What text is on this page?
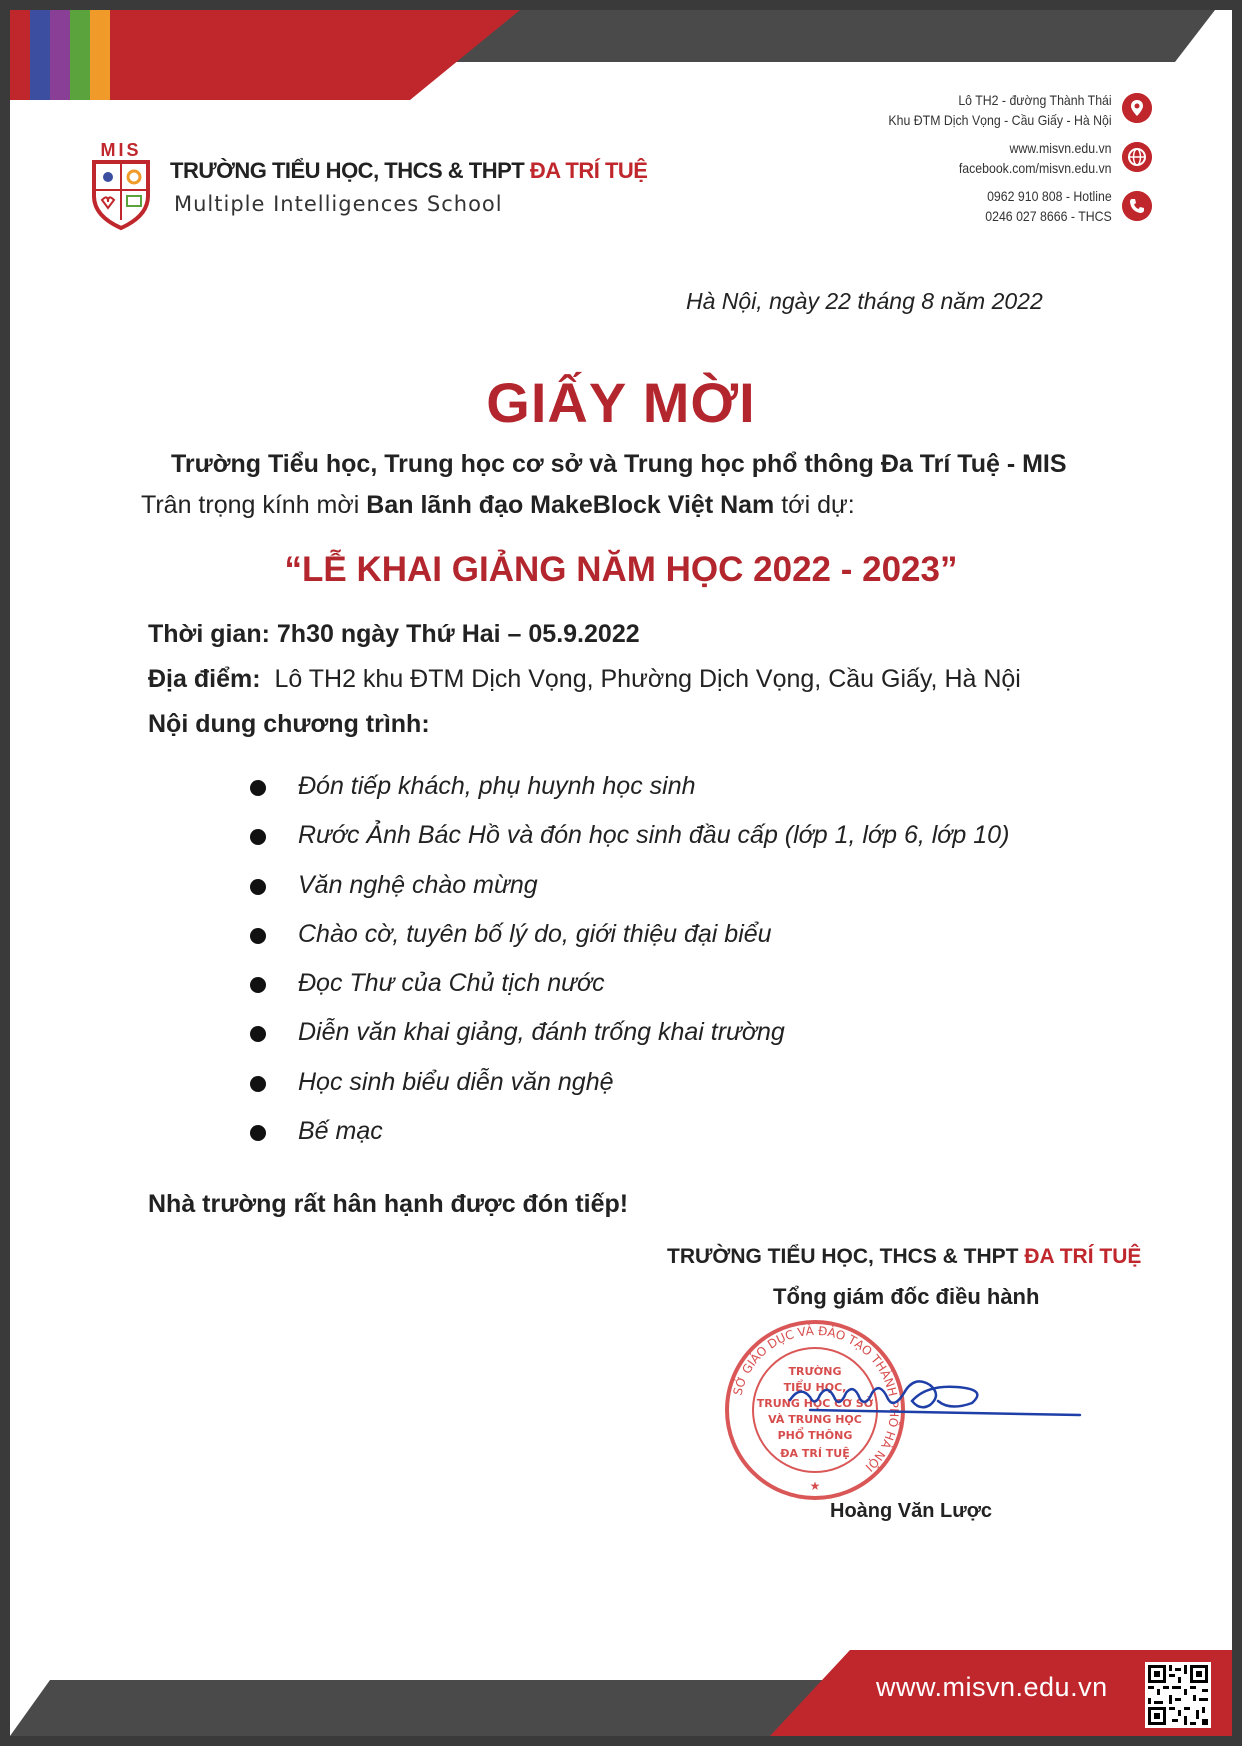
MIS
TRƯỜNG TIỂU HỌC, THCS & THPT ĐA TRÍ TUỆ
Multiple Intelligences School
Lô TH2 - đường Thành Thái
Khu ĐTM Dịch Vọng - Cầu Giấy - Hà Nội
www.misvn.edu.vn
facebook.com/misvn.edu.vn
0962 910 808 - Hotline
0246 027 8666 - THCS
Hà Nội, ngày 22 tháng 8 năm 2022
GIẤY MỜI
Trường Tiểu học, Trung học cơ sở và Trung học phổ thông Đa Trí Tuệ - MIS
Trân trọng kính mời Ban lãnh đạo MakeBlock Việt Nam tới dự:
“LỄ KHAI GIẢNG NĂM HỌC 2022 - 2023”
Thời gian: 7h30 ngày Thứ Hai – 05.9.2022
Địa điểm: Lô TH2 khu ĐTM Dịch Vọng, Phường Dịch Vọng, Cầu Giấy, Hà Nội
Nội dung chương trình:
Đón tiếp khách, phụ huynh học sinh
Rước Ảnh Bác Hồ và đón học sinh đầu cấp (lớp 1, lớp 6, lớp 10)
Văn nghệ chào mừng
Chào cờ, tuyên bố lý do, giới thiệu đại biểu
Đọc Thư của Chủ tịch nước
Diễn văn khai giảng, đánh trống khai trường
Học sinh biểu diễn văn nghệ
Bế mạc
Nhà trường rất hân hạnh được đón tiếp!
TRƯỜNG TIỂU HỌC, THCS & THPT ĐA TRÍ TUỆ
Tổng giám đốc điều hành
TRƯỜNG
TIỂU HỌC,
TRUNG HỌC CƠ SỞ
VÀ TRUNG HỌC
PHỔ THÔNG
ĐA TRÍ TUỆ
★
SỞ GIÁO DỤC VÀ ĐÀO TẠO THÀNH PHỐ HÀ NỘI
Hoàng Văn Lược
www.misvn.edu.vn
